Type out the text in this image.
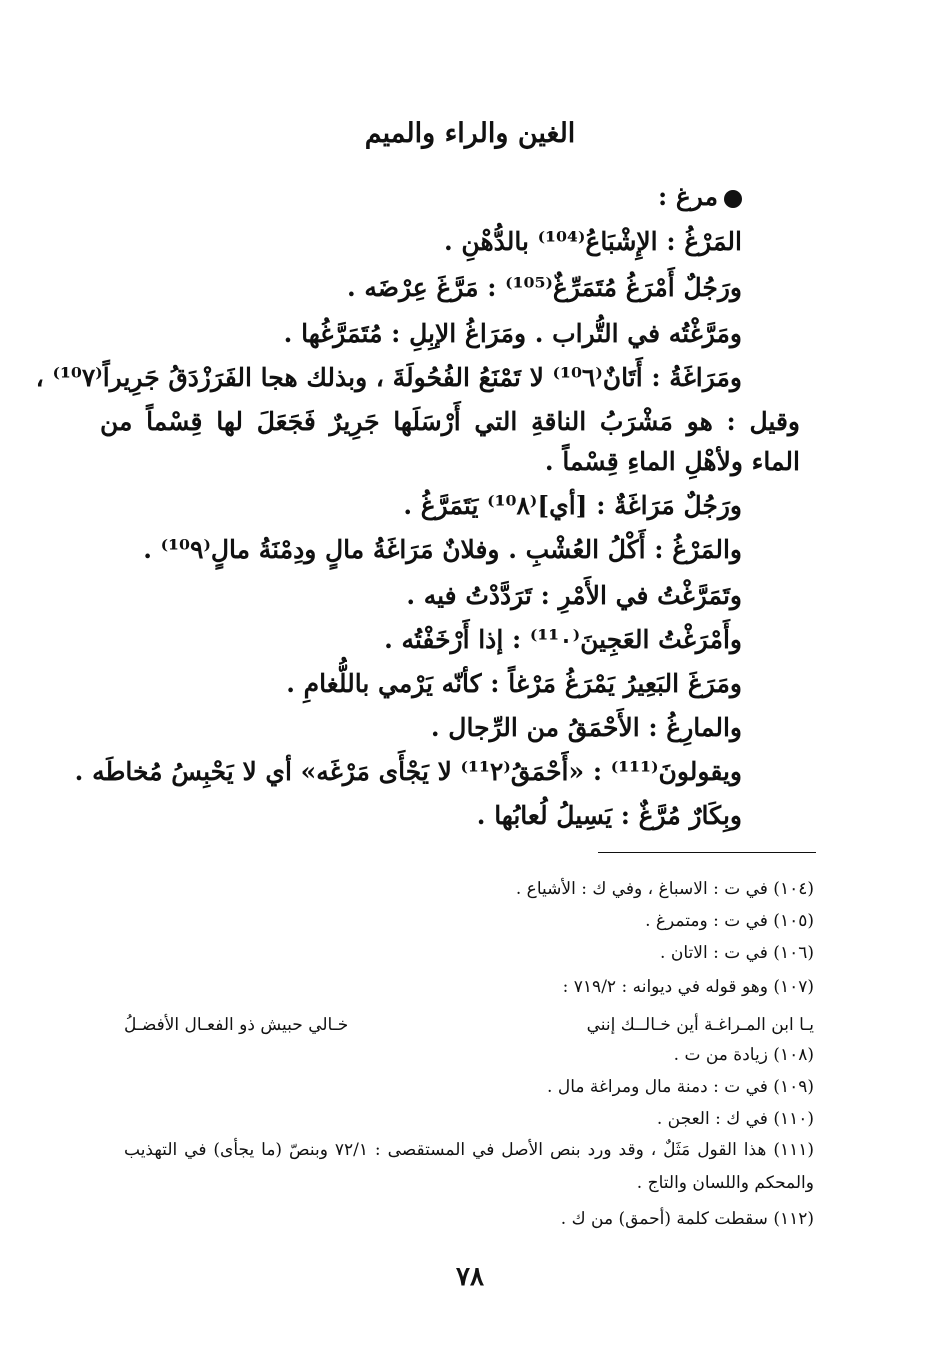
الغين والراء والميم
مرغ :
المَرْغُ : الإِشْبَاعُ⁽¹⁰⁴⁾ بالدُّهْنِ .
ورَجُلٌ أَمْرَغُ مُتَمَرِّغٌ⁽¹⁰⁵⁾ : مَرَّغَ عِرْضَه .
ومَرَّغْتُه في التُّراب . ومَرَاغُ الإبِلِ : مُتَمَرَّغُها .
ومَرَاغَةُ : أَتَانٌ⁽¹⁰٦⁾ لا تَمْنَعُ الفُحُولَةَ ، وبذلك هجا الفَرَزْدَقُ جَرِيراً⁽¹⁰٧⁾ ،
وقيل : هو مَشْرَبُ الناقةِ التي أَرْسَلَها جَرِيرٌ فَجَعَلَ لها قِسْماً من الماء ولأهْلِ الماءِ قِسْماً .
ورَجُلٌ مَرَاغَةٌ : [أي]⁽¹⁰٨⁾ يَتَمَرَّغُ .
والمَرْغُ : أَكْلُ العُشْبِ . وفلانٌ مَرَاغَةُ مالٍ ودِمْنَةُ مالٍ⁽¹⁰٩⁾ .
وتَمَرَّغْتُ في الأَمْرِ : تَرَدَّدْتُ فيه .
وأَمْرَغْتُ العَجِينَ⁽¹¹٠⁾ : إذا أَرْخَفْتُه .
ومَرَغَ البَعِيرُ يَمْرَغُ مَرْغاً : كأنّه يَرْمي باللُّغامِ .
والمارِغُ : الأَحْمَقُ من الرِّجال .
ويقولونَ⁽¹¹¹⁾ : «أَحْمَقُ⁽¹¹٢⁾ لا يَجْأَى مَرْغَه» أي لا يَحْبِسُ مُخاطَه .
وبِكَارٌ مُرَّغٌ : يَسِيلُ لُعابُها .
(١٠٤) في ت : الاسباغ ، وفي ك : الأشياع .
(١٠٥) في ت : ومتمرغ .
(١٠٦) في ت : الاتان .
(١٠٧) وهو قوله في ديوانه : ٧١٩/٢ :
يـا ابن المـراغـة أين خـالــك إنني
خـالي حبيش ذو الفعـال الأفضـلُ
(١٠٨) زيادة من ت .
(١٠٩) في ت : دمنة مال ومراغة مال .
(١١٠) في ك : العجن .
(١١١) هذا القول مَثَلٌ ، وقد ورد بنص الأصل في المستقصى : ٧٢/١ وبنصّ (ما يجأى) في التهذيب والمحكم واللسان والتاج .
(١١٢) سقطت كلمة (أحمق) من ك .
٧٨
